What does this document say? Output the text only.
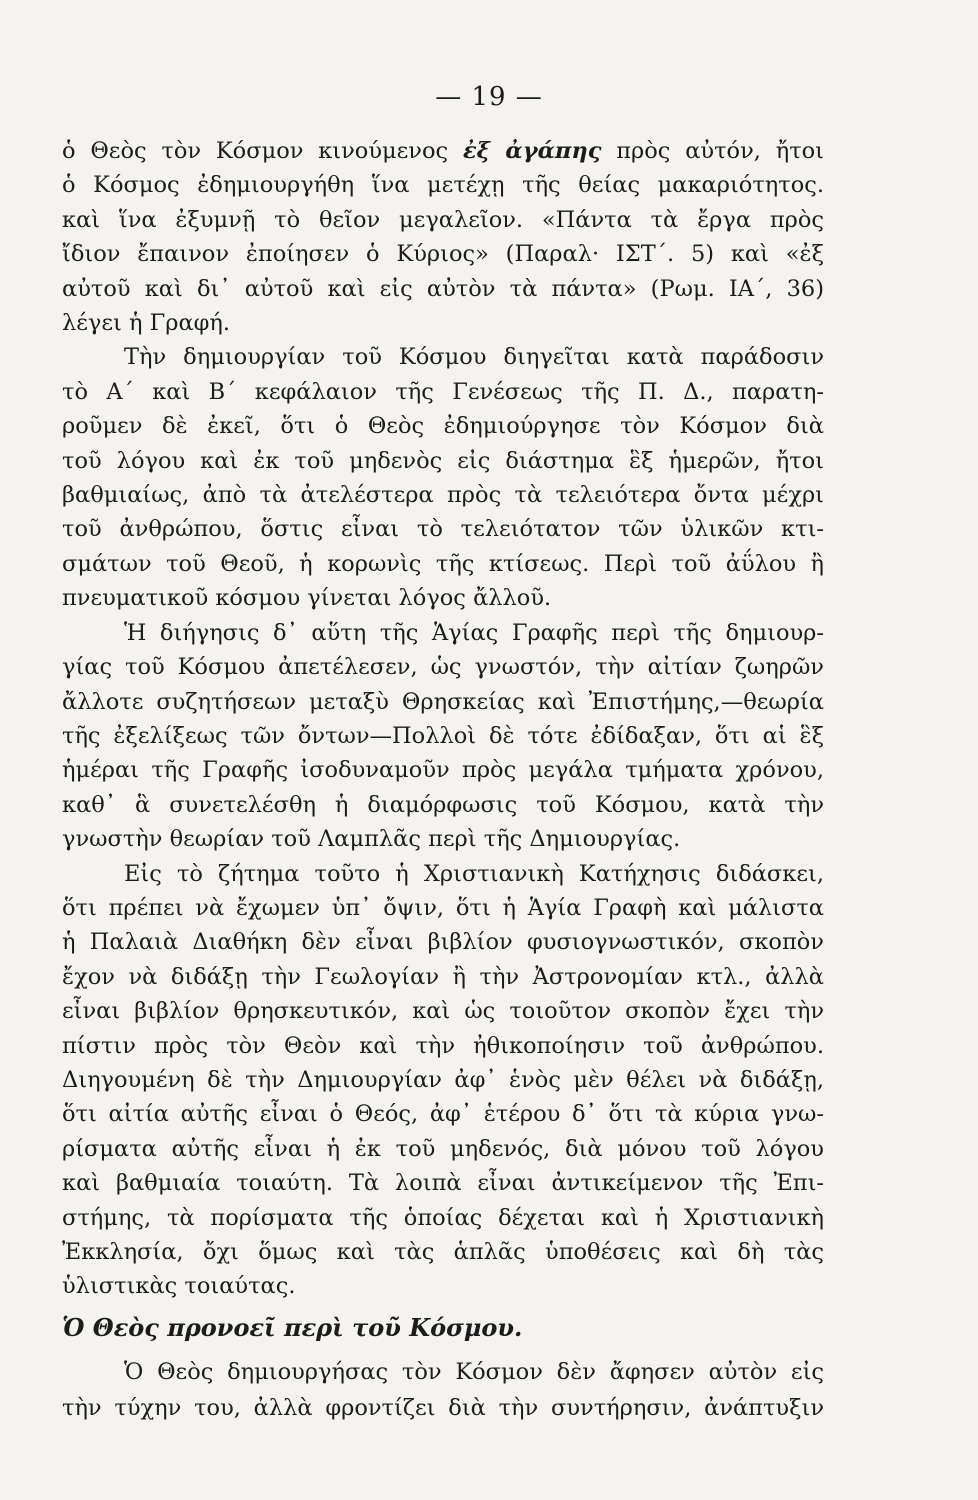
— 19 —

ὁ Θεὸς τὸν Κόσμον κινούμενος ἐξ ἀγάπης πρὸς αὐτόν, ἤτοι
ὁ Κόσμος ἐδημιουργήθη ἵνα μετέχῃ τῆς θείας μακαριότητος.
καὶ ἵνα ἐξυμνῇ τὸ θεῖον μεγαλεῖον. «Πάντα τὰ ἔργα πρὸς
ἴδιον ἔπαινον ἐποίησεν ὁ Κύριος» (Παραλ· ΙΣΤ΄. 5) καὶ «ἐξ
αὐτοῦ καὶ δι᾽ αὐτοῦ καὶ εἰς αὐτὸν τὰ πάντα» (Ρωμ. ΙΑ΄, 36)
λέγει ἡ Γραφή.

Τὴν δημιουργίαν τοῦ Κόσμου διηγεῖται κατὰ παράδοσιν
τὸ Α΄ καὶ Β΄ κεφάλαιον τῆς Γενέσεως τῆς Π. Δ., παρατη-
ροῦμεν δὲ ἐκεῖ, ὅτι ὁ Θεὸς ἐδημιούργησε τὸν Κόσμον διὰ
τοῦ λόγου καὶ ἐκ τοῦ μηδενὸς εἰς διάστημα ἓξ ἡμερῶν, ἤτοι
βαθμιαίως, ἀπὸ τὰ ἀτελέστερα πρὸς τὰ τελειότερα ὄντα μέχρι
τοῦ ἀνθρώπου, ὅστις εἶναι τὸ τελειότατον τῶν ὑλικῶν κτι-
σμάτων τοῦ Θεοῦ, ἡ κορωνὶς τῆς κτίσεως. Περὶ τοῦ ἀΰλου ἢ
πνευματικοῦ κόσμου γίνεται λόγος ἄλλοῦ.

Ἡ διήγησις δ᾽ αὕτη τῆς Ἁγίας Γραφῆς περὶ τῆς δημιουρ-
γίας τοῦ Κόσμου ἀπετέλεσεν, ὡς γνωστόν, τὴν αἰτίαν ζωηρῶν
ἄλλοτε συζητήσεων μεταξὺ Θρησκείας καὶ Ἐπιστήμης,—θεωρία
τῆς ἐξελίξεως τῶν ὄντων—Πολλοὶ δὲ τότε ἐδίδαξαν, ὅτι αἱ ἓξ
ἡμέραι τῆς Γραφῆς ἰσοδυναμοῦν πρὸς μεγάλα τμήματα χρόνου,
καθ᾽ ἃ συνετελέσθη ἡ διαμόρφωσις τοῦ Κόσμου, κατὰ τὴν
γνωστὴν θεωρίαν τοῦ Λαμπλᾶς περὶ τῆς Δημιουργίας.

Εἰς τὸ ζήτημα τοῦτο ἡ Χριστιανικὴ Κατήχησις διδάσκει,
ὅτι πρέπει νὰ ἔχωμεν ὑπ᾽ ὄψιν, ὅτι ἡ Ἁγία Γραφὴ καὶ μάλιστα
ἡ Παλαιὰ Διαθήκη δὲν εἶναι βιβλίον φυσιογνωστικόν, σκοπὸν
ἔχον νὰ διδάξῃ τὴν Γεωλογίαν ἢ τὴν Ἀστρονομίαν κτλ., ἀλλὰ
εἶναι βιβλίον θρησκευτικόν, καὶ ὡς τοιοῦτον σκοπὸν ἔχει τὴν
πίστιν πρὸς τὸν Θεὸν καὶ τὴν ἠθικοποίησιν τοῦ ἀνθρώπου.
Διηγουμένη δὲ τὴν Δημιουργίαν ἀφ᾽ ἑνὸς μὲν θέλει νὰ διδάξῃ,
ὅτι αἰτία αὐτῆς εἶναι ὁ Θεός, ἀφ᾽ ἑτέρου δ᾽ ὅτι τὰ κύρια γνω-
ρίσματα αὐτῆς εἶναι ἡ ἐκ τοῦ μηδενός, διὰ μόνου τοῦ λόγου
καὶ βαθμιαία τοιαύτη. Τὰ λοιπὰ εἶναι ἀντικείμενον τῆς Ἐπι-
στήμης, τὰ πορίσματα τῆς ὁποίας δέχεται καὶ ἡ Χριστιανικὴ
Ἐκκλησία, ὄχι ὅμως καὶ τὰς ἁπλᾶς ὑποθέσεις καὶ δὴ τὰς
ὑλιστικὰς τοιαύτας.

Ὁ Θεὸς προνοεῖ περὶ τοῦ Κόσμου.
Ὁ Θεὸς δημιουργήσας τὸν Κόσμον δὲν ἄφησεν αὐτὸν εἰς
τὴν τύχην του, ἀλλὰ φροντίζει διὰ τὴν συντήρησιν, ἀνάπτυξιν
